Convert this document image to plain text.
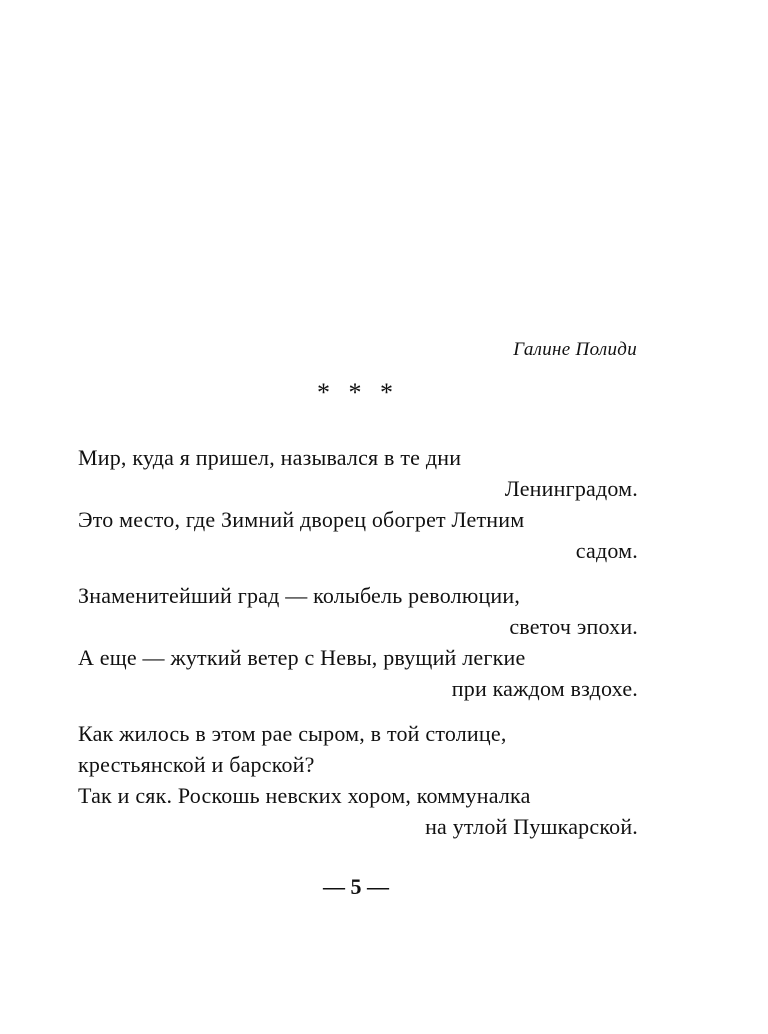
Галине Полиди
* * *
Мир, куда я пришел, назывался в те дни
Ленинградом.
Это место, где Зимний дворец обогрет Летним
садом.
Знаменитейший град — колыбель революции,
светоч эпохи.
А еще — жуткий ветер с Невы, рвущий легкие
при каждом вздохе.
Как жилось в этом рае сыром, в той столице,
крестьянской и барской?
Так и сяк. Роскошь невских хором, коммуналка
на утлой Пушкарской.
— 5 —
